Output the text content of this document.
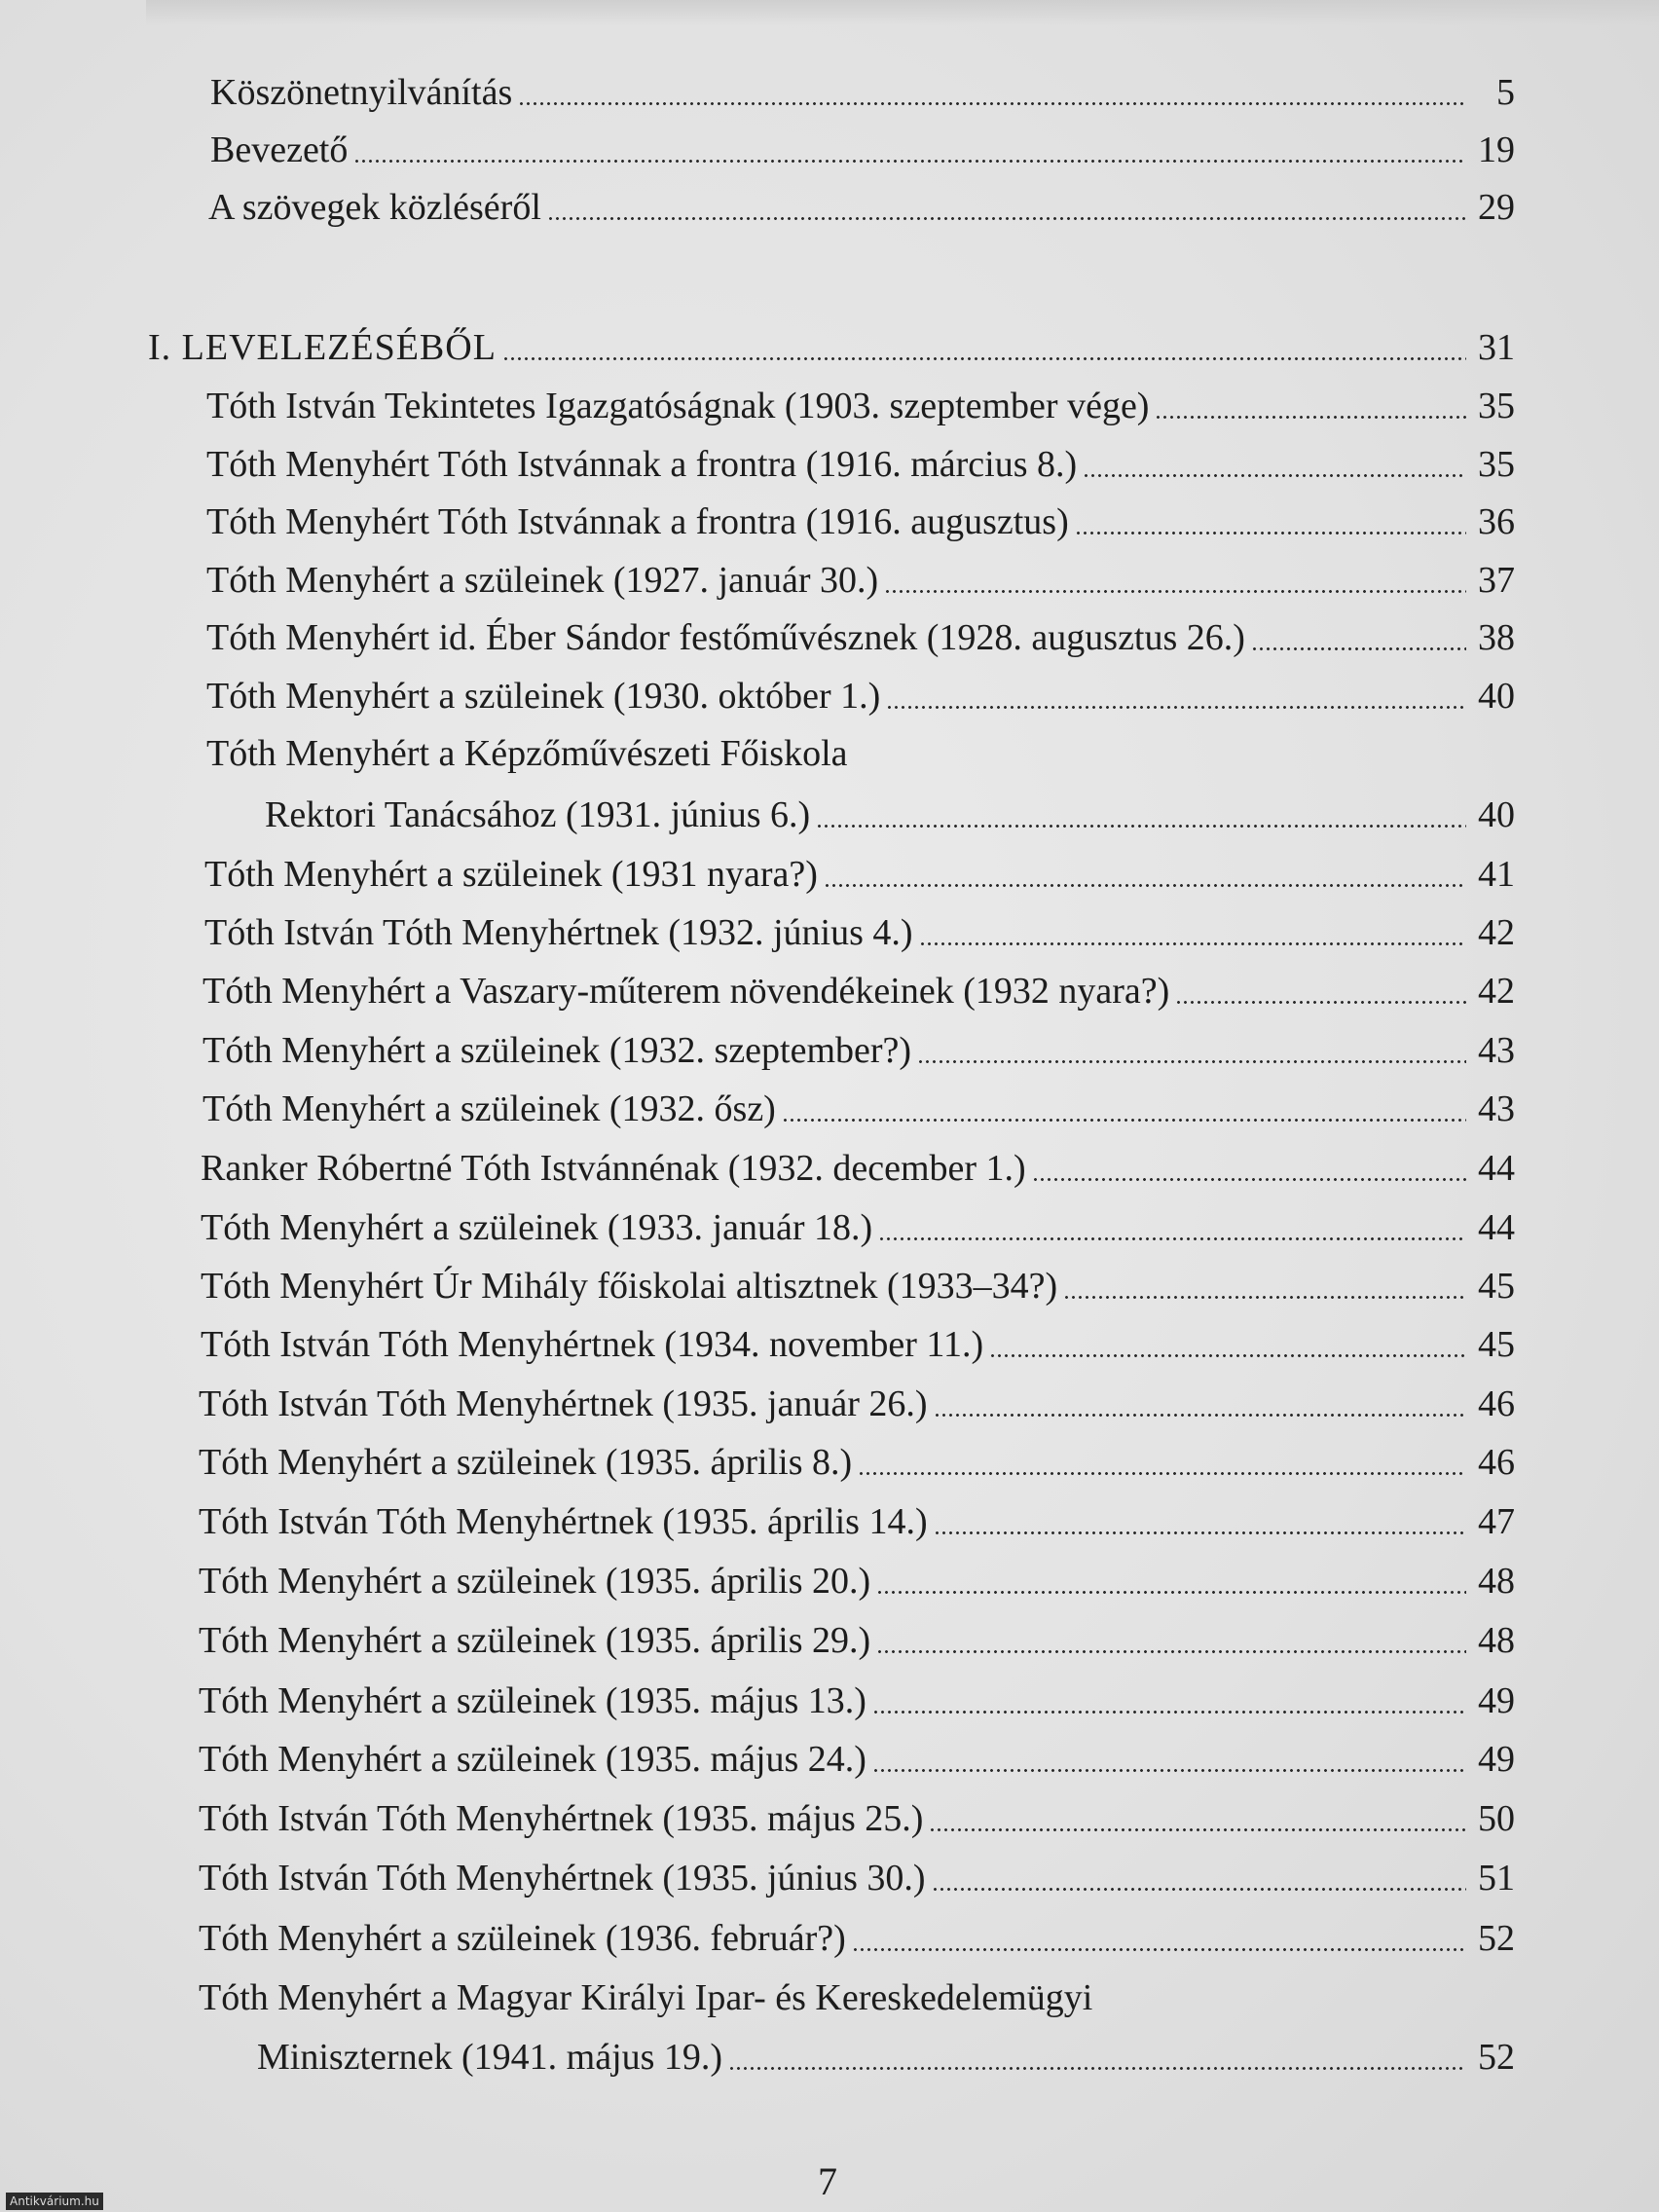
Köszönetnyilvánítás	5
Bevezető	19
A szövegek közléséről	29
I. LEVELEZÉSÉBŐL	31
Tóth István Tekintetes Igazgatóságnak (1903. szeptember vége)	35
Tóth Menyhért Tóth Istvánnak a frontra (1916. március 8.)	35
Tóth Menyhért Tóth Istvánnak a frontra (1916. augusztus)	36
Tóth Menyhért a szüleinek (1927. január 30.)	37
Tóth Menyhért id. Éber Sándor festőművésznek (1928. augusztus 26.)	38
Tóth Menyhért a szüleinek (1930. október 1.)	40
Tóth Menyhért a Képzőművészeti Főiskola
Rektori Tanácsához (1931. június 6.)	40
Tóth Menyhért a szüleinek (1931 nyara?)	41
Tóth István Tóth Menyhértnek (1932. június 4.)	42
Tóth Menyhért a Vaszary-műterem növendékeinek (1932 nyara?)	42
Tóth Menyhért a szüleinek (1932. szeptember?)	43
Tóth Menyhért a szüleinek (1932. ősz)	43
Ranker Róbertné Tóth Istvánnénak (1932. december 1.)	44
Tóth Menyhért a szüleinek (1933. január 18.)	44
Tóth Menyhért Úr Mihály főiskolai altisztnek (1933–34?)	45
Tóth István Tóth Menyhértnek (1934. november 11.)	45
Tóth István Tóth Menyhértnek (1935. január 26.)	46
Tóth Menyhért a szüleinek (1935. április 8.)	46
Tóth István Tóth Menyhértnek (1935. április 14.)	47
Tóth Menyhért a szüleinek (1935. április 20.)	48
Tóth Menyhért a szüleinek (1935. április 29.)	48
Tóth Menyhért a szüleinek (1935. május 13.)	49
Tóth Menyhért a szüleinek (1935. május 24.)	49
Tóth István Tóth Menyhértnek (1935. május 25.)	50
Tóth István Tóth Menyhértnek (1935. június 30.)	51
Tóth Menyhért a szüleinek (1936. február?)	52
Tóth Menyhért a Magyar Királyi Ipar- és Kereskedelemügyi
Miniszternek (1941. május 19.)	52
7
Antikvárium.hu
